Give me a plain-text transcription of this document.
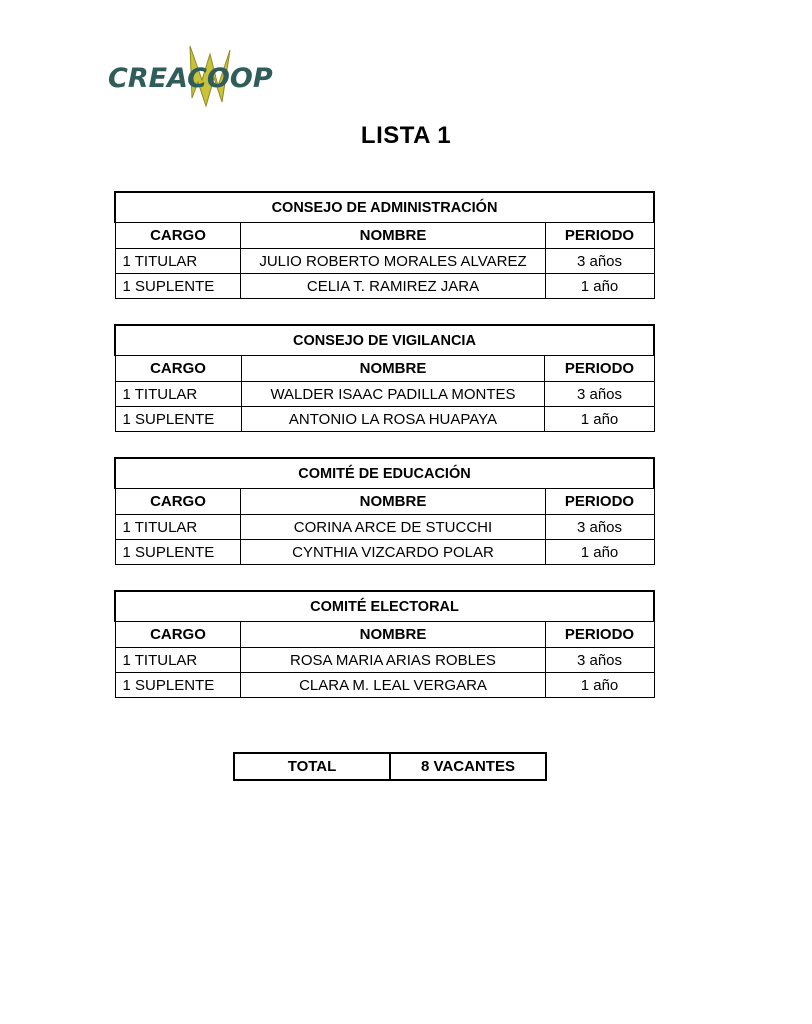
CREACOOP
LISTA 1
CONSEJO DE ADMINISTRACIÓN		
CARGO	NOMBRE	PERIODO
1 TITULAR	JULIO ROBERTO MORALES ALVAREZ	3 años
1 SUPLENTE	CELIA T. RAMIREZ JARA	1 año
CONSEJO DE VIGILANCIA		
CARGO	NOMBRE	PERIODO
1 TITULAR	WALDER ISAAC PADILLA MONTES	3 años
1 SUPLENTE	ANTONIO LA ROSA HUAPAYA	1 año
COMITÉ DE EDUCACIÓN		
CARGO	NOMBRE	PERIODO
1 TITULAR	CORINA ARCE DE STUCCHI	3 años
1 SUPLENTE	CYNTHIA VIZCARDO POLAR	1 año
COMITÉ ELECTORAL		
CARGO	NOMBRE	PERIODO
1 TITULAR	ROSA MARIA ARIAS ROBLES	3 años
1 SUPLENTE	CLARA M. LEAL VERGARA	1 año
TOTAL	8 VACANTES
